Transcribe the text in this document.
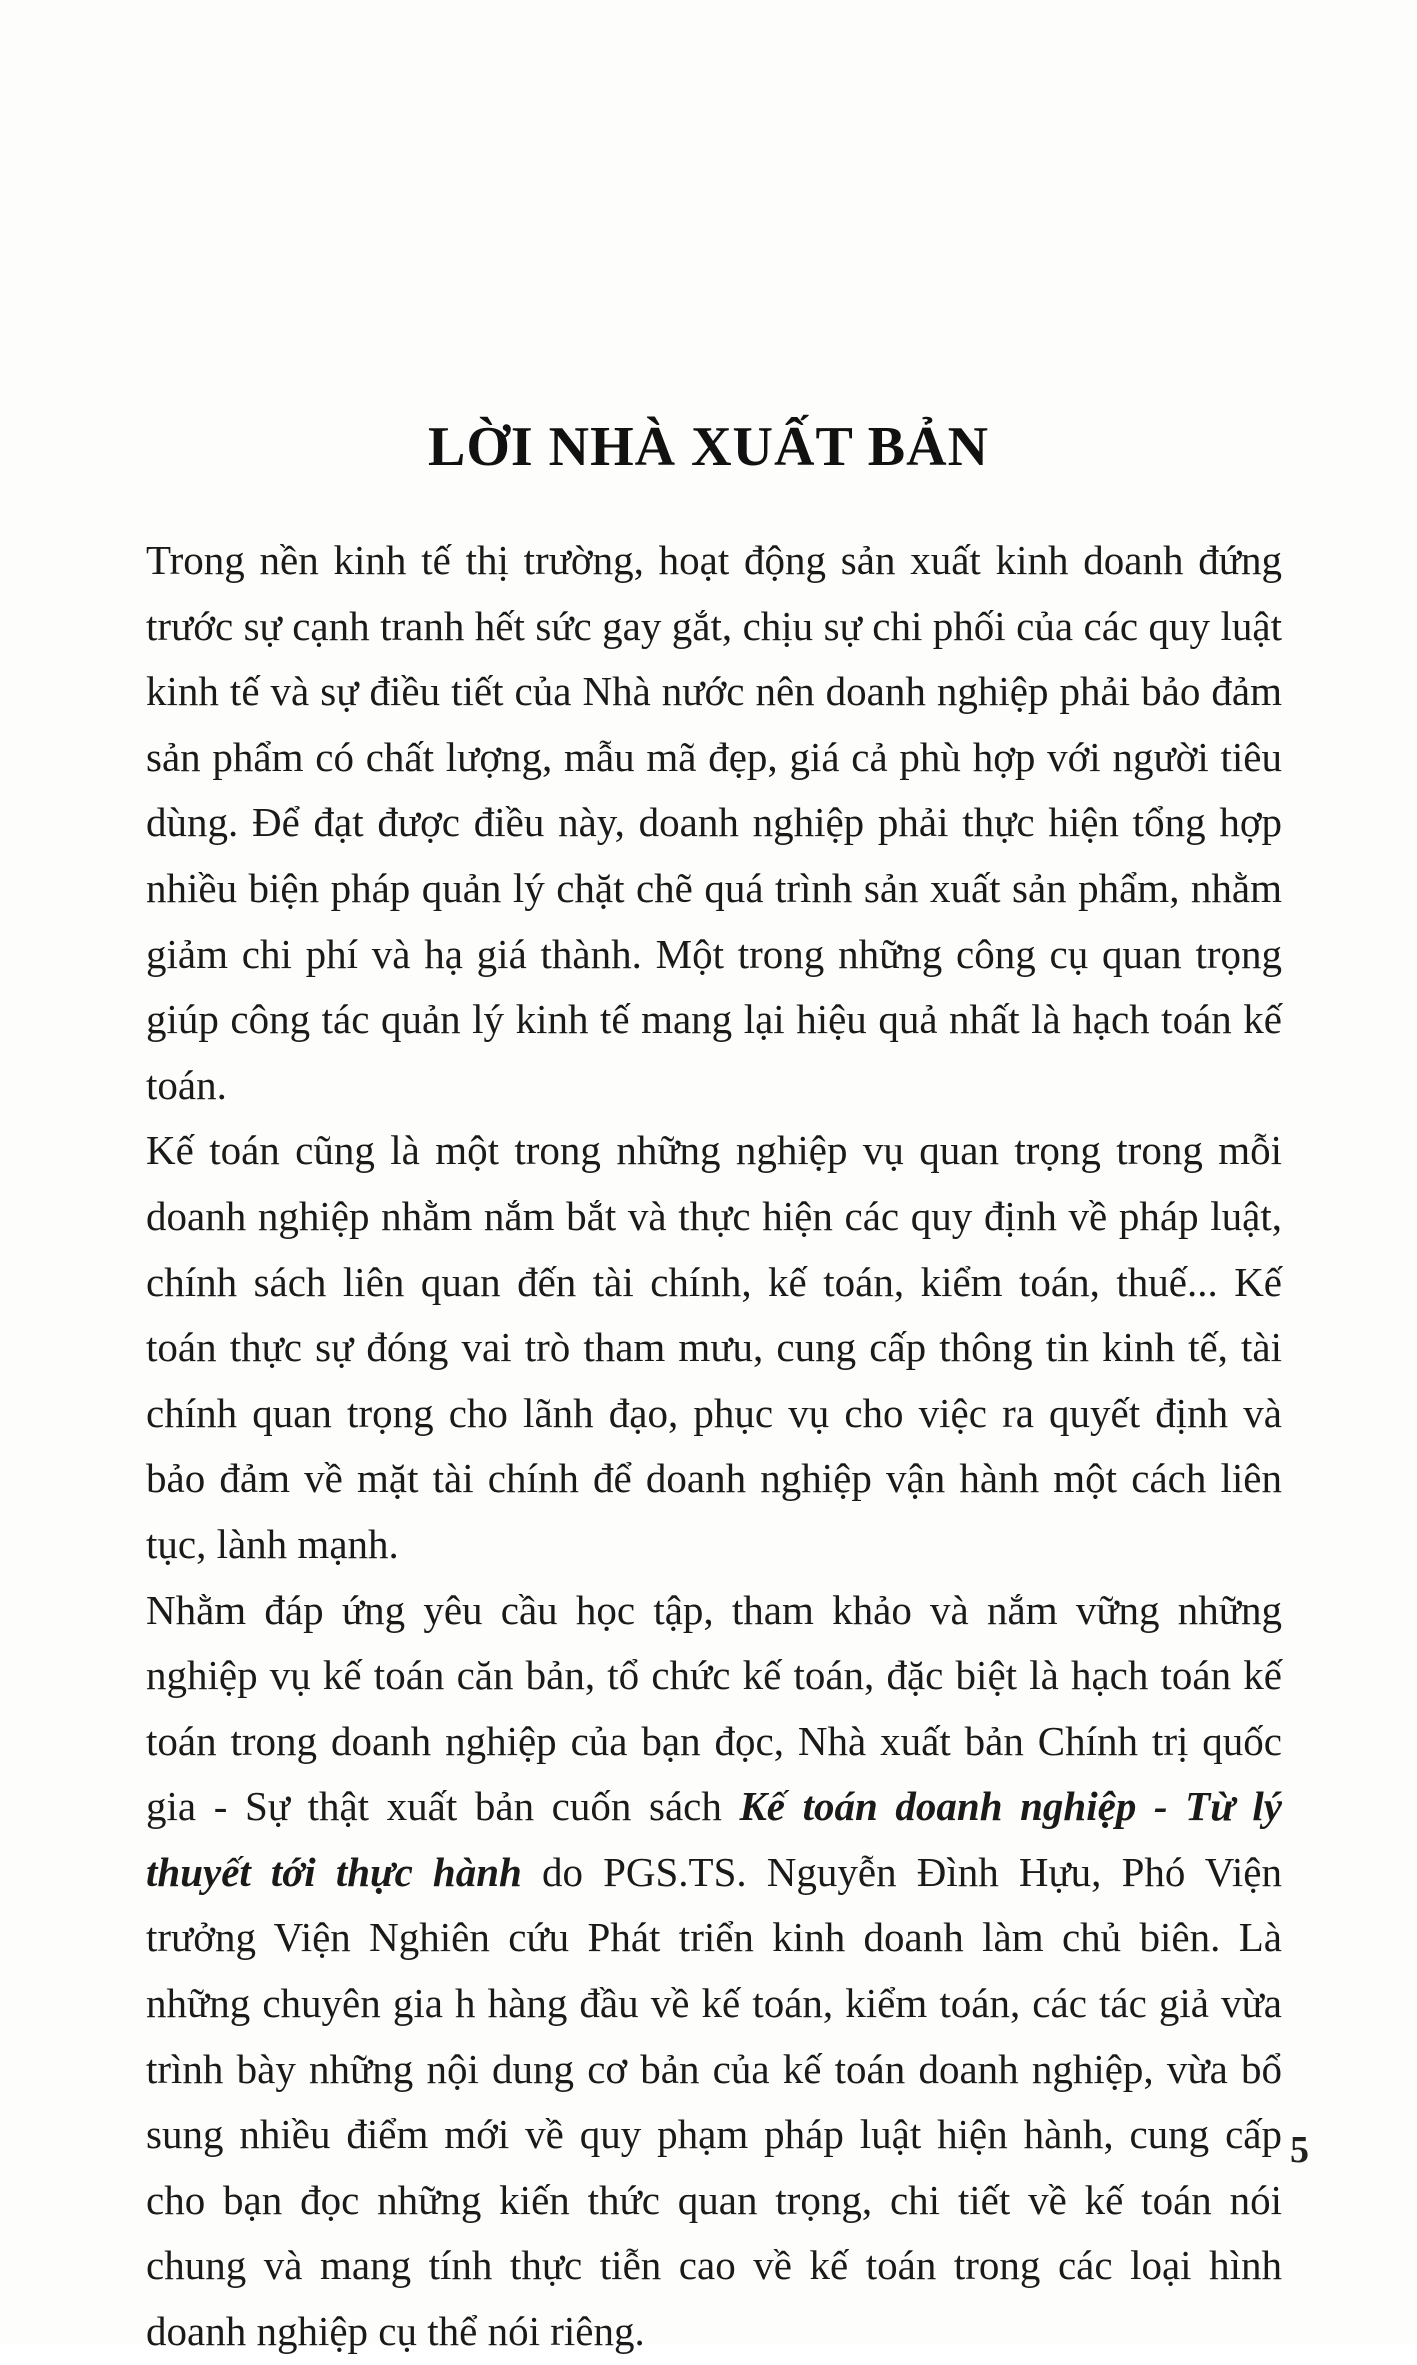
LỜI NHÀ XUẤT BẢN

Trong nền kinh tế thị trường, hoạt động sản xuất kinh doanh đứng trước sự cạnh tranh hết sức gay gắt, chịu sự chi phối của các quy luật kinh tế và sự điều tiết của Nhà nước nên doanh nghiệp phải bảo đảm sản phẩm có chất lượng, mẫu mã đẹp, giá cả phù hợp với người tiêu dùng. Để đạt được điều này, doanh nghiệp phải thực hiện tổng hợp nhiều biện pháp quản lý chặt chẽ quá trình sản xuất sản phẩm, nhằm giảm chi phí và hạ giá thành. Một trong những công cụ quan trọng giúp công tác quản lý kinh tế mang lại hiệu quả nhất là hạch toán kế toán.

Kế toán cũng là một trong những nghiệp vụ quan trọng trong mỗi doanh nghiệp nhằm nắm bắt và thực hiện các quy định về pháp luật, chính sách liên quan đến tài chính, kế toán, kiểm toán, thuế... Kế toán thực sự đóng vai trò tham mưu, cung cấp thông tin kinh tế, tài chính quan trọng cho lãnh đạo, phục vụ cho việc ra quyết định và bảo đảm về mặt tài chính để doanh nghiệp vận hành một cách liên tục, lành mạnh.

Nhằm đáp ứng yêu cầu học tập, tham khảo và nắm vững những nghiệp vụ kế toán căn bản, tổ chức kế toán, đặc biệt là hạch toán kế toán trong doanh nghiệp của bạn đọc, Nhà xuất bản Chính trị quốc gia - Sự thật xuất bản cuốn sách Kế toán doanh nghiệp - Từ lý thuyết tới thực hành do PGS.TS. Nguyễn Đình Hựu, Phó Viện trưởng Viện Nghiên cứu Phát triển kinh doanh làm chủ biên. Là những chuyên gia h hàng đầu về kế toán, kiểm toán, các tác giả vừa trình bày những nội dung cơ bản của kế toán doanh nghiệp, vừa bổ sung nhiều điểm mới về quy phạm pháp luật hiện hành, cung cấp cho bạn đọc những kiến thức quan trọng, chi tiết về kế toán nói chung và mang tính thực tiễn cao về kế toán trong các loại hình doanh nghiệp cụ thể nói riêng.

5
